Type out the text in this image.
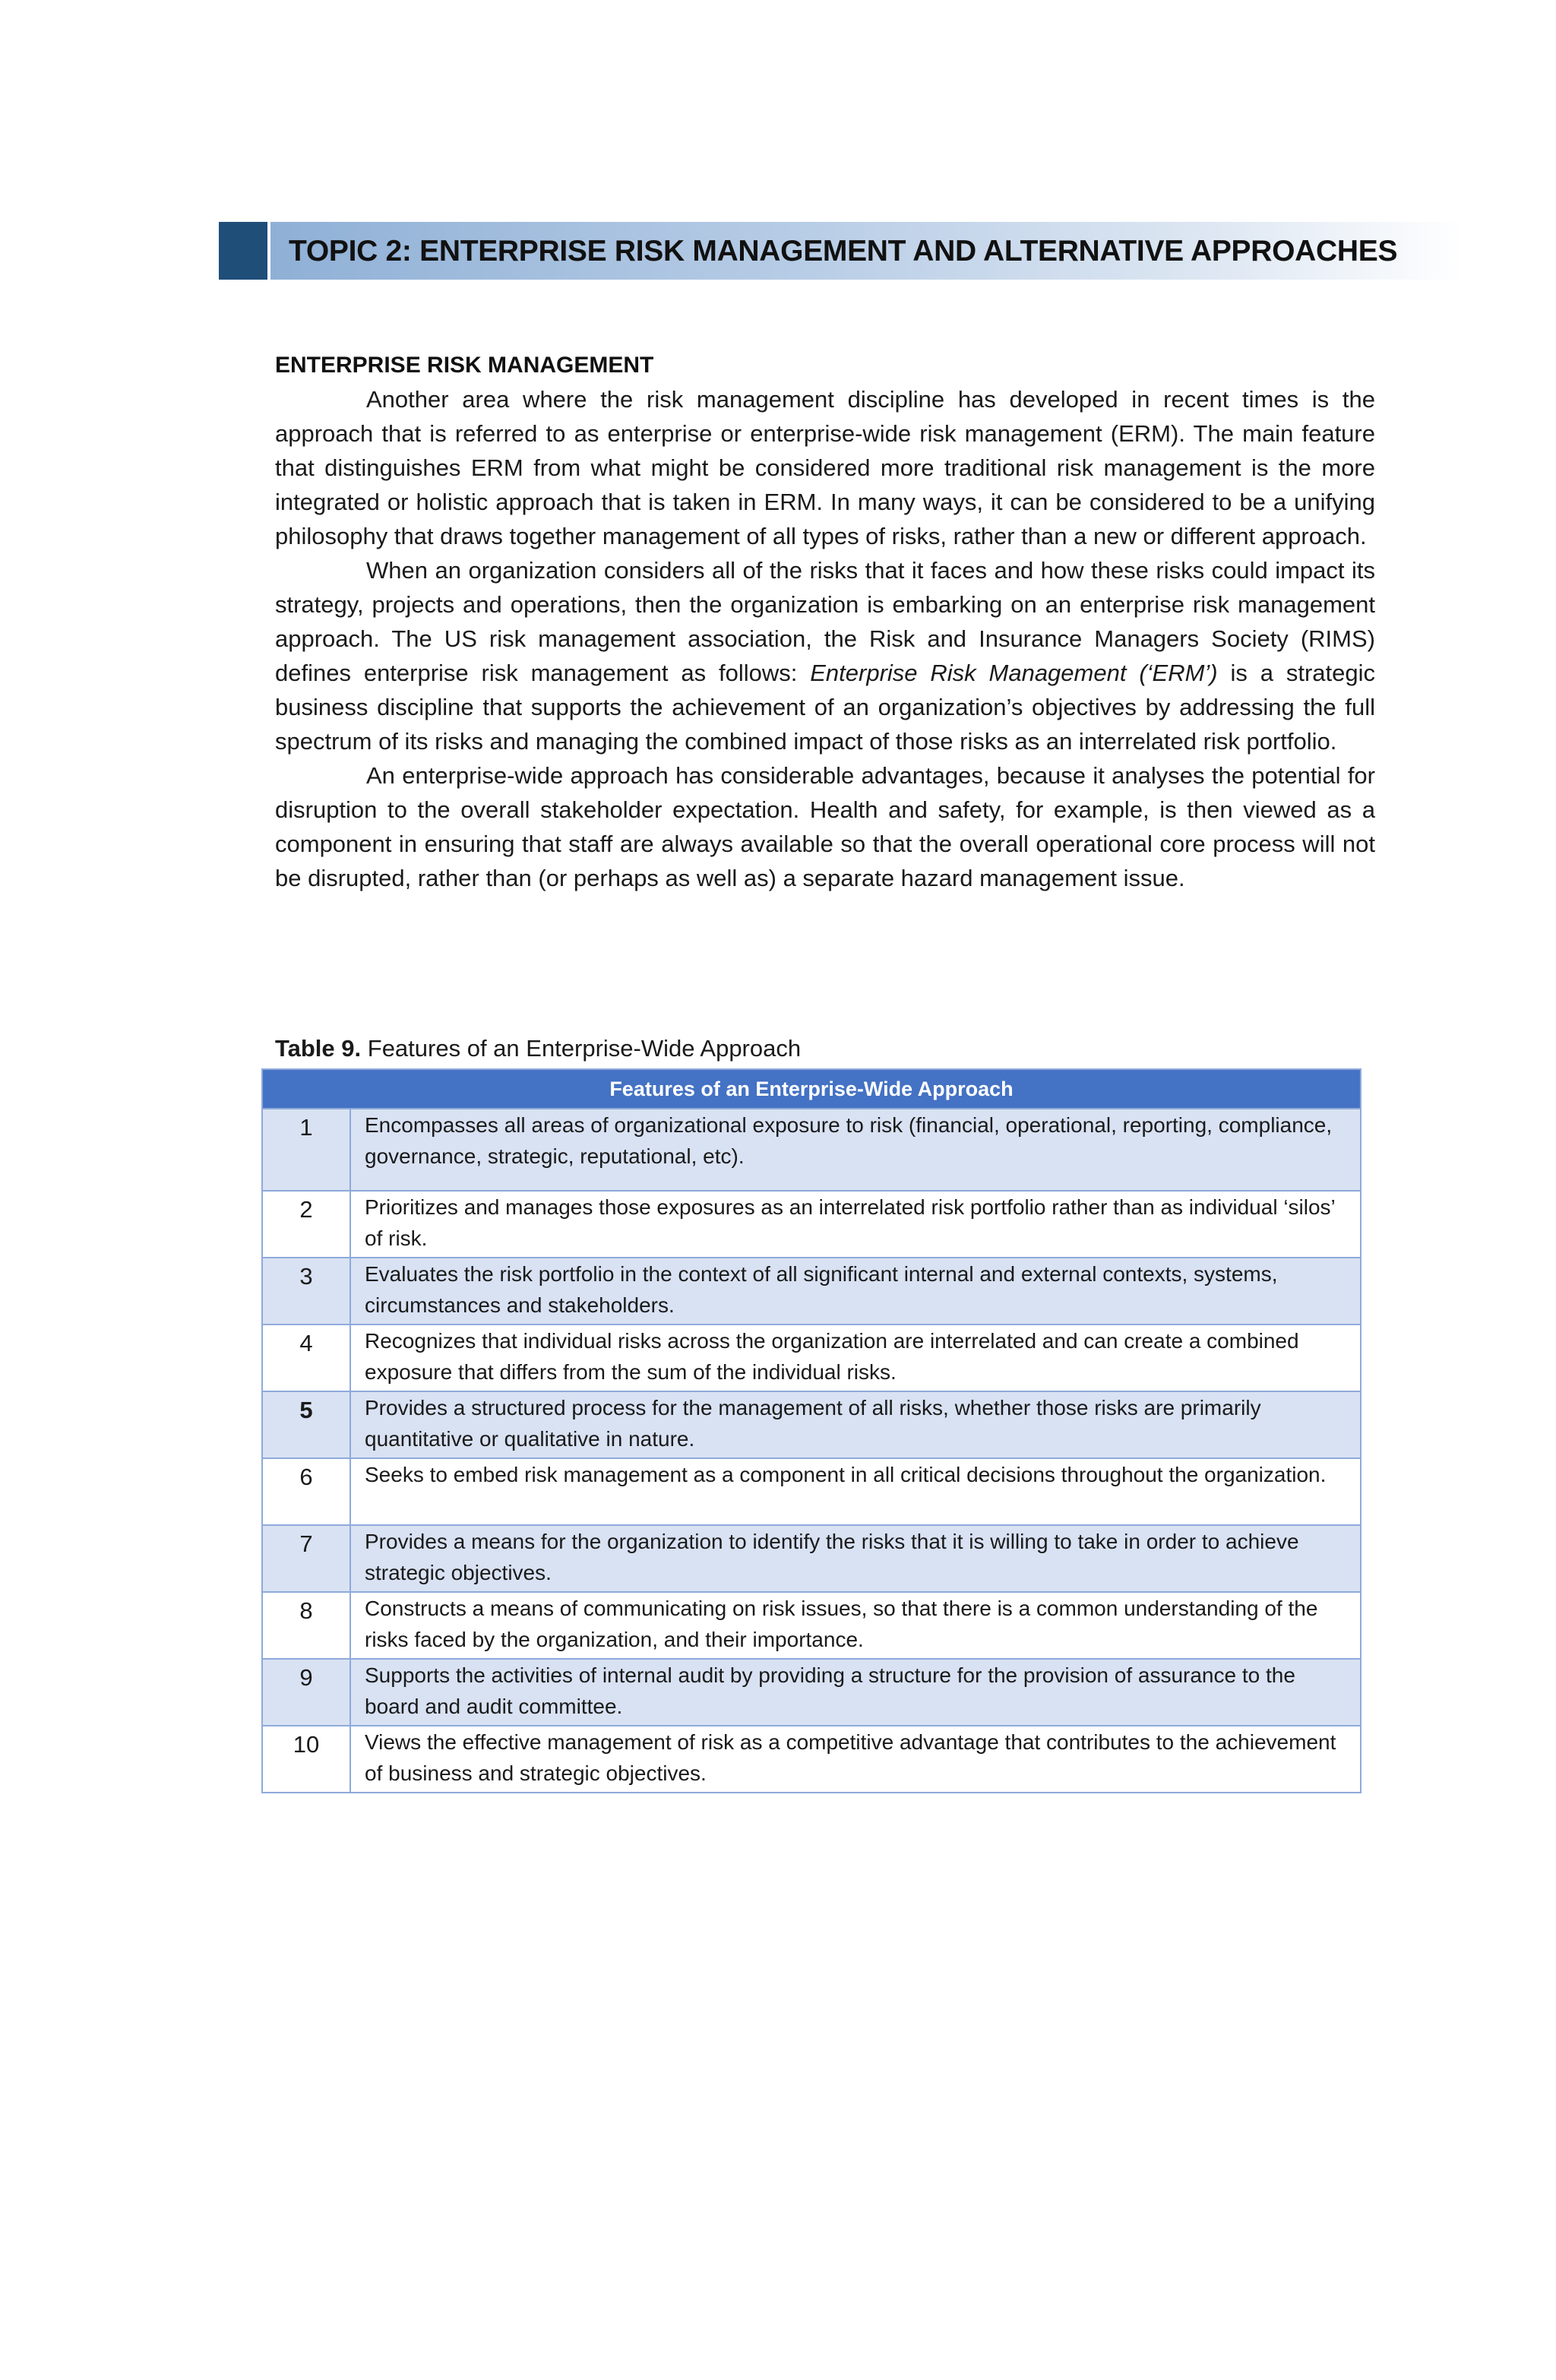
TOPIC 2: ENTERPRISE RISK MANAGEMENT AND ALTERNATIVE APPROACHES

ENTERPRISE RISK MANAGEMENT

Another area where the risk management discipline has developed in recent times is the approach that is referred to as enterprise or enterprise-wide risk management (ERM). The main feature that distinguishes ERM from what might be considered more traditional risk management is the more integrated or holistic approach that is taken in ERM. In many ways, it can be considered to be a unifying philosophy that draws together management of all types of risks, rather than a new or different approach.

When an organization considers all of the risks that it faces and how these risks could impact its strategy, projects and operations, then the organization is embarking on an enterprise risk management approach. The US risk management association, the Risk and Insurance Managers Society (RIMS) defines enterprise risk management as follows: Enterprise Risk Management (‘ERM’) is a strategic business discipline that supports the achievement of an organization’s objectives by addressing the full spectrum of its risks and managing the combined impact of those risks as an interrelated risk portfolio.

An enterprise-wide approach has considerable advantages, because it analyses the potential for disruption to the overall stakeholder expectation. Health and safety, for example, is then viewed as a component in ensuring that staff are always available so that the overall operational core process will not be disrupted, rather than (or perhaps as well as) a separate hazard management issue.

Table 9. Features of an Enterprise-Wide Approach
Features of an Enterprise-Wide Approach	
1	Encompasses all areas of organizational exposure to risk (financial, operational, reporting, compliance, governance, strategic, reputational, etc).
2	Prioritizes and manages those exposures as an interrelated risk portfolio rather than as individual ‘silos’ of risk.
3	Evaluates the risk portfolio in the context of all significant internal and external contexts, systems, circumstances and stakeholders.
4	Recognizes that individual risks across the organization are interrelated and can create a combined exposure that differs from the sum of the individual risks.
5	Provides a structured process for the management of all risks, whether those risks are primarily quantitative or qualitative in nature.
6	Seeks to embed risk management as a component in all critical decisions throughout the organization.
7	Provides a means for the organization to identify the risks that it is willing to take in order to achieve strategic objectives.
8	Constructs a means of communicating on risk issues, so that there is a common understanding of the risks faced by the organization, and their importance.
9	Supports the activities of internal audit by providing a structure for the provision of assurance to the board and audit committee.
10	Views the effective management of risk as a competitive advantage that contributes to the achievement of business and strategic objectives.
